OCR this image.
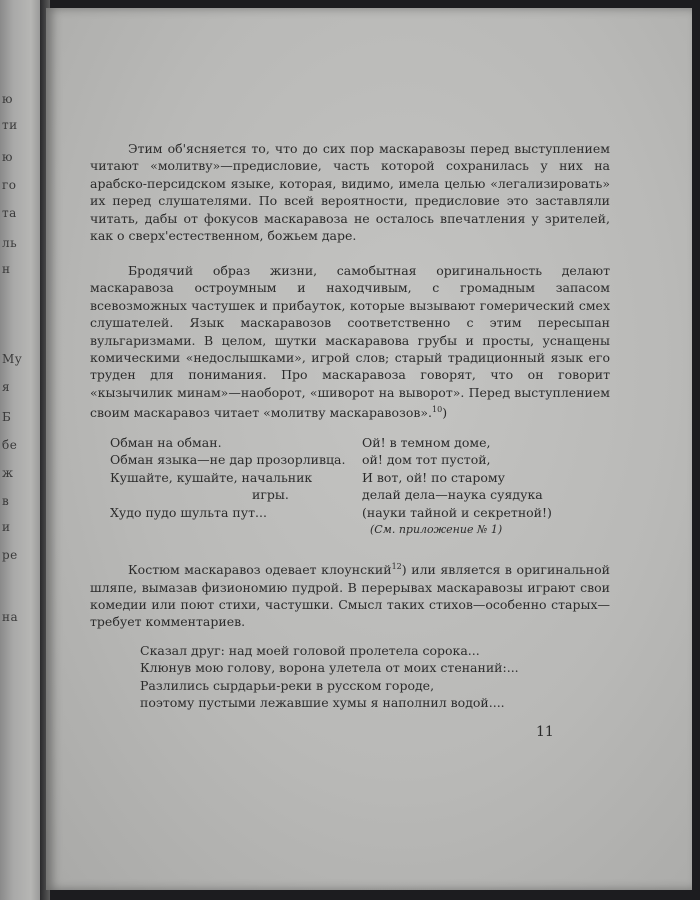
ю
ти
ю
го
та
ль
н
Му
я
Б
бе
ж
в
и
ре
на

Этим об'ясняется то, что до сих пор маскаравозы перед выступлением читают «молитву»—предисловие, часть которой сохранилась у них на арабско-персидском языке, которая, видимо, имела целью «легализировать» их перед слушателями. По всей вероятности, предисловие это заставляли читать, дабы от фокусов маскаравоза не осталось впечатления у зрителей, как о сверх'естественном, божьем даре.

Бродячий образ жизни, самобытная оригинальность делают маскаравоза остроумным и находчивым, с громадным запасом всевозможных частушек и прибауток, которые вызывают гомерический смех слушателей. Язык маскаравозов соответственно с этим пересыпан вульгаризмами. В целом, шутки маскаравова грубы и просты, уснащены комическими «недослышками», игрой слов; старый традиционный язык его труден для понимания. Про маскаравоза говорят, что он говорит «кызычилик минам»—наоборот, «шиворот на выворот». Перед выступлением своим маскаравоз читает «молитву маскаравозов».$^{10}$)

Обман на обман.
Обман языка—не дар прозорливца.
Кушайте, кушайте, начальник
игры.
Худо пудо шульта пут...
Ой! в темном доме,
ой! дом тот пустой,
И вот, ой! по старому
делай дела—наука суядука
(науки тайной и секретной!)
(См. приложение № 1)

Костюм маскаравоз одевает клоунский$^{12}$) или является в оригинальной шляпе, вымазав физиономию пудрой. В перерывах маскаравозы играют свои комедии или поют стихи, частушки. Смысл таких стихов—особенно старых—требует комментариев.

Сказал друг: над моей головой пролетела сорока...
Клюнув мою голову, ворона улетела от моих стенаний:...
Разлились сырдарьи-реки в русском городе,
поэтому пустыми лежавшие хумы я наполнил водой....
11
